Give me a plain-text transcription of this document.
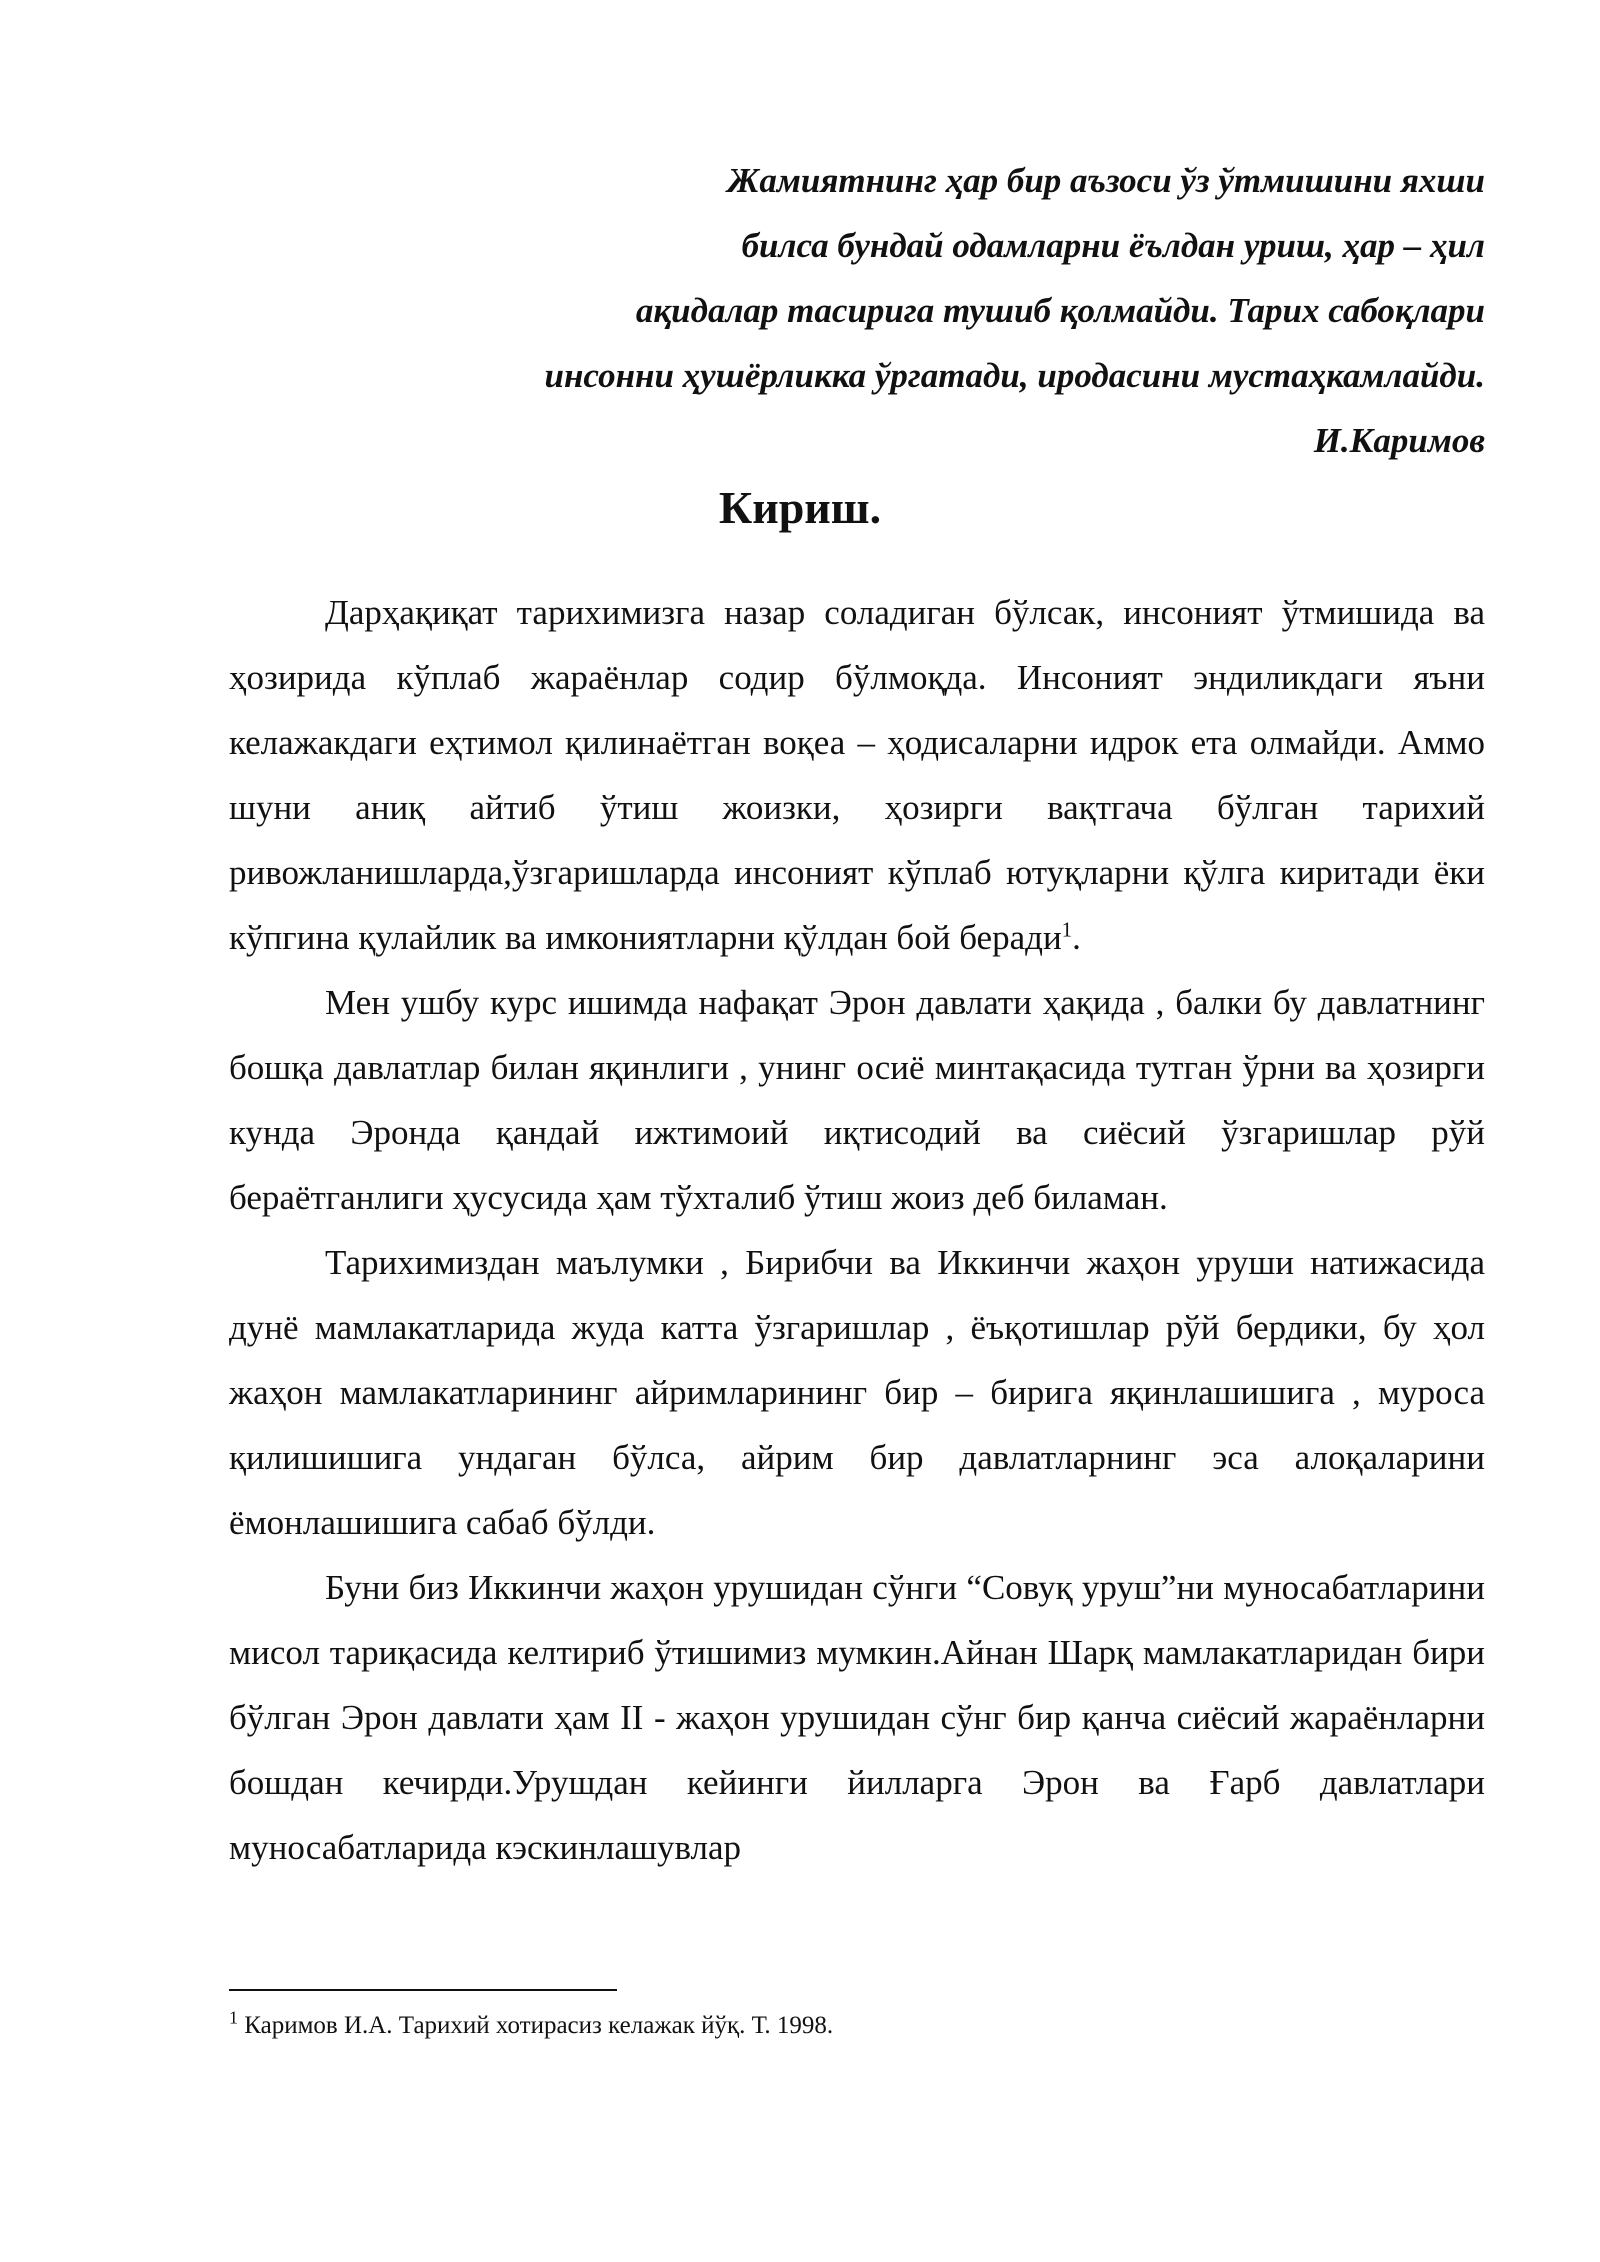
Жамиятнинг ҳар бир аъзоси ўз ўтмишини яхши
билса бундай одамларни ёълдан уриш, ҳар – ҳил
ақидалар тасирига тушиб қолмайди. Тарих сабоқлари
инсонни ҳушёрликка ўргатади, иродасини мустаҳкамлайди.
И.Каримов
Кириш.

Дарҳақиқат тарихимизга назар соладиган бўлсак, инсоният ўтмишида ва ҳозирида кўплаб жараёнлар содир бўлмоқда. Инсоният эндиликдаги яъни келажакдаги еҳтимол қилинаётган воқеа – ҳодисаларни идрок ета олмайди. Аммо шуни аниқ айтиб ўтиш жоизки, ҳозирги вақтгача бўлган тарихий ривожланишларда,ўзгаришларда инсоният кўплаб ютуқларни қўлга киритади ёки кўпгина қулайлик ва имкониятларни қўлдан бой беради$^1$.

Мен ушбу курс ишимда нафақат Эрон давлати ҳақида , балки бу давлатнинг бошқа давлатлар билан яқинлиги , унинг осиё минтақасида тутган ўрни ва ҳозирги кунда Эронда қандай ижтимоий иқтисодий ва сиёсий ўзгаришлар рўй бераётганлиги ҳусусида ҳам тўхталиб ўтиш жоиз деб биламан.

Тарихимиздан маълумки , Бирибчи ва Иккинчи жаҳон уруши натижасида дунё мамлакатларида жуда катта ўзгаришлар , ёъқотишлар рўй бердики, бу ҳол жаҳон мамлакатларининг айримларининг бир – бирига яқинлашишига , муроса қилишишига ундаган бўлса, айрим бир давлатларнинг эса алоқаларини ёмонлашишига сабаб бўлди.

Буни биз Иккинчи жаҳон урушидан сўнги “Совуқ уруш”ни муносабатларини мисол тариқасида келтириб ўтишимиз мумкин.Айнан Шарқ мамлакатларидан бири бўлган Эрон давлати ҳам II - жаҳон урушидан сўнг бир қанча сиёсий жараёнларни бошдан кечирди.Урушдан кейинги йилларга Эрон ва Ғарб давлатлари муносабатларида кэскинлашувлар

$^1$ Каримов И.А. Тарихий хотирасиз келажак йўқ. Т. 1998.
